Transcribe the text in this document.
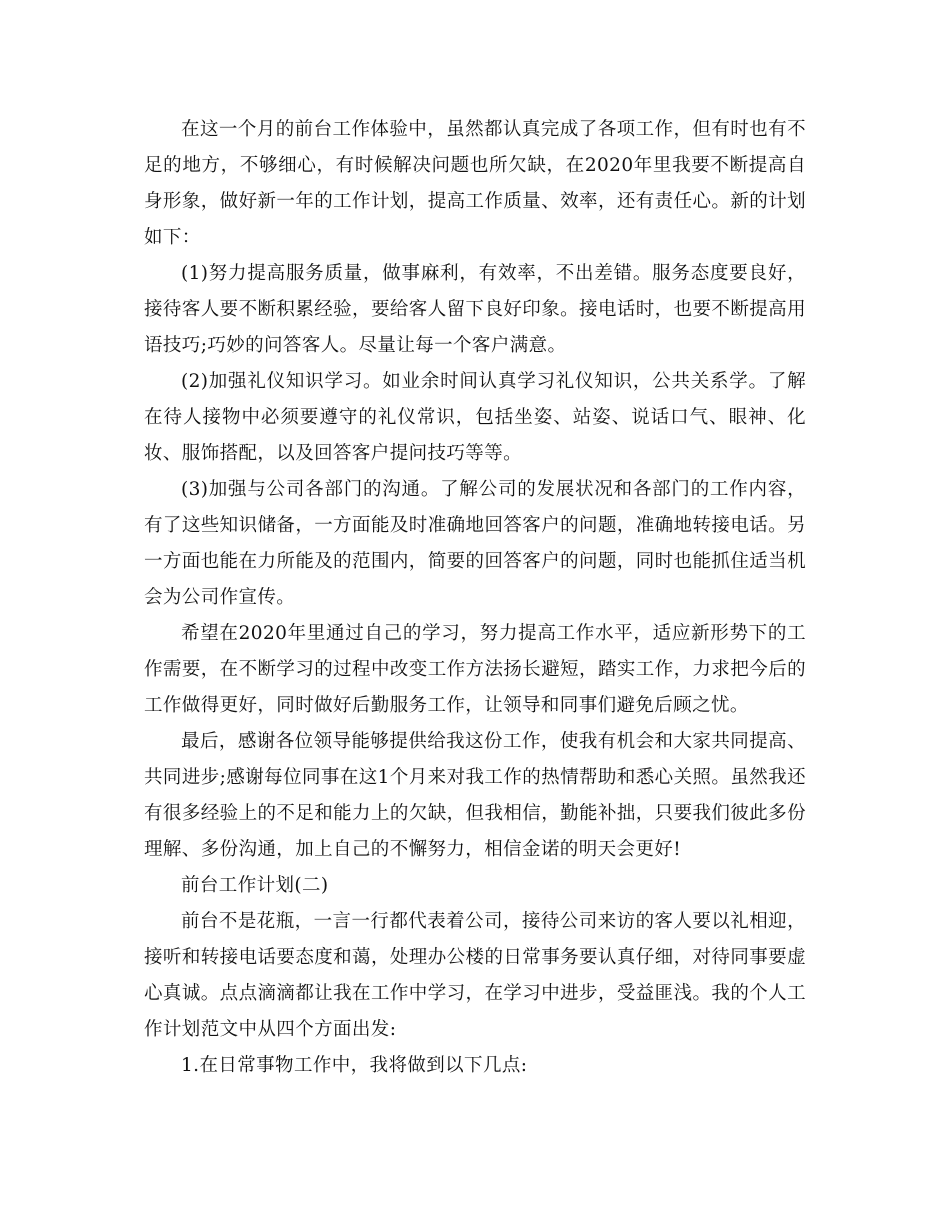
在这一个月的前台工作体验中，虽然都认真完成了各项工作，但有时也有不足的地方，不够细心，有时候解决问题也所欠缺，在2020年里我要不断提高自身形象，做好新一年的工作计划，提高工作质量、效率，还有责任心。新的计划如下：

(1)努力提高服务质量，做事麻利，有效率，不出差错。服务态度要良好，接待客人要不断积累经验，要给客人留下良好印象。接电话时，也要不断提高用语技巧;巧妙的问答客人。尽量让每一个客户满意。

(2)加强礼仪知识学习。如业余时间认真学习礼仪知识，公共关系学。了解在待人接物中必须要遵守的礼仪常识，包括坐姿、站姿、说话口气、眼神、化妆、服饰搭配，以及回答客户提问技巧等等。

(3)加强与公司各部门的沟通。了解公司的发展状况和各部门的工作内容，有了这些知识储备，一方面能及时准确地回答客户的问题，准确地转接电话。另一方面也能在力所能及的范围内，简要的回答客户的问题，同时也能抓住适当机会为公司作宣传。

希望在2020年里通过自己的学习，努力提高工作水平，适应新形势下的工作需要，在不断学习的过程中改变工作方法扬长避短，踏实工作，力求把今后的工作做得更好，同时做好后勤服务工作，让领导和同事们避免后顾之忧。

最后，感谢各位领导能够提供给我这份工作，使我有机会和大家共同提高、共同进步;感谢每位同事在这1个月来对我工作的热情帮助和悉心关照。虽然我还有很多经验上的不足和能力上的欠缺，但我相信，勤能补拙，只要我们彼此多份理解、多份沟通，加上自己的不懈努力，相信金诺的明天会更好!

前台工作计划(二)

前台不是花瓶，一言一行都代表着公司，接待公司来访的客人要以礼相迎，接听和转接电话要态度和蔼，处理办公楼的日常事务要认真仔细，对待同事要虚心真诚。点点滴滴都让我在工作中学习，在学习中进步，受益匪浅。我的个人工作计划范文中从四个方面出发:

1.在日常事物工作中，我将做到以下几点:
